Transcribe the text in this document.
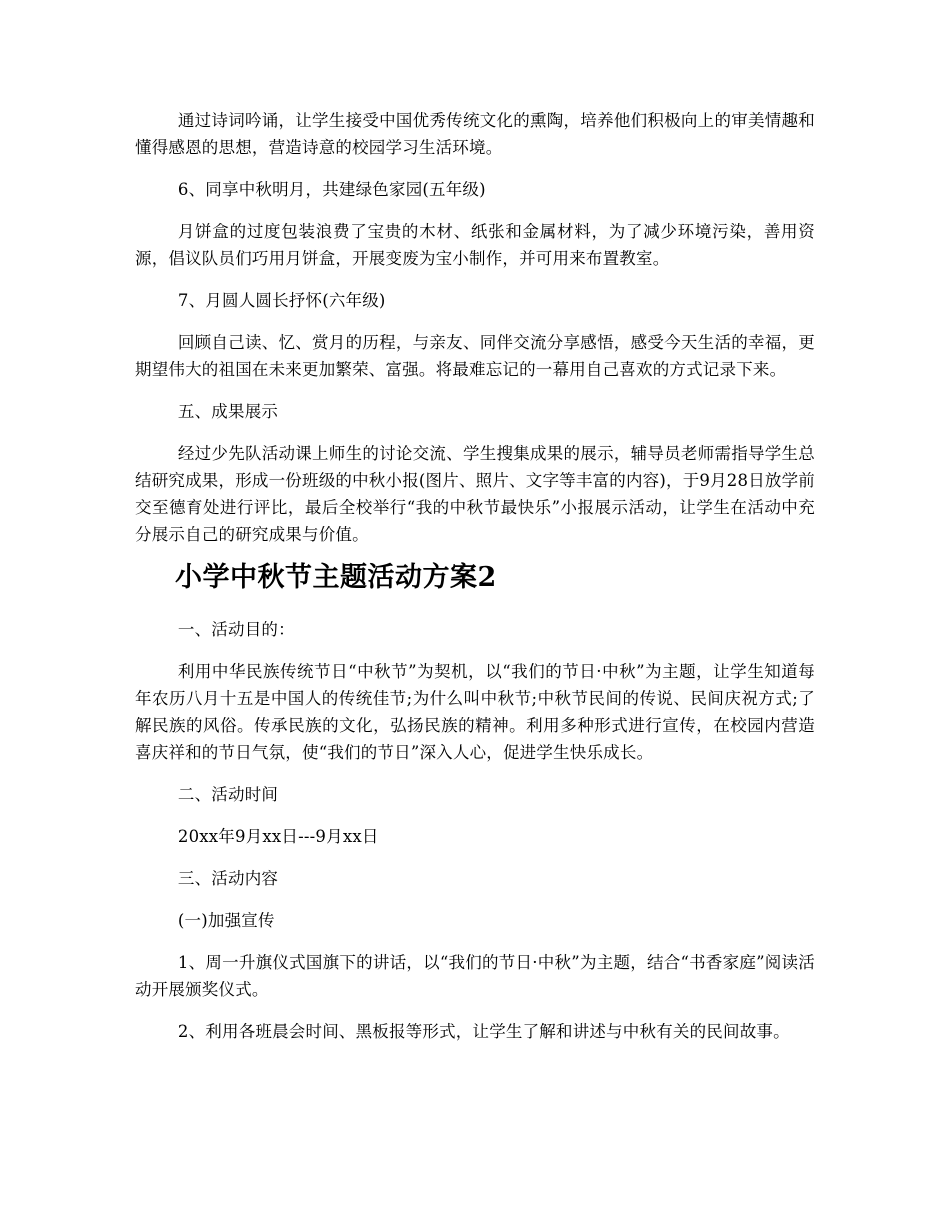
通过诗词吟诵，让学生接受中国优秀传统文化的熏陶，培养他们积极向上的审美情趣和懂得感恩的思想，营造诗意的校园学习生活环境。

6、同享中秋明月，共建绿色家园(五年级)

月饼盒的过度包装浪费了宝贵的木材、纸张和金属材料，为了减少环境污染，善用资源，倡议队员们巧用月饼盒，开展变废为宝小制作，并可用来布置教室。

7、月圆人圆长抒怀(六年级)

回顾自己读、忆、赏月的历程，与亲友、同伴交流分享感悟，感受今天生活的幸福，更期望伟大的祖国在未来更加繁荣、富强。将最难忘记的一幕用自己喜欢的方式记录下来。

五、成果展示

经过少先队活动课上师生的讨论交流、学生搜集成果的展示，辅导员老师需指导学生总结研究成果，形成一份班级的中秋小报(图片、照片、文字等丰富的内容)，于9月28日放学前交至德育处进行评比，最后全校举行“我的中秋节最快乐”小报展示活动，让学生在活动中充分展示自己的研究成果与价值。

小学中秋节主题活动方案2

一、活动目的：

利用中华民族传统节日“中秋节”为契机，以“我们的节日·中秋”为主题，让学生知道每年农历八月十五是中国人的传统佳节;为什么叫中秋节;中秋节民间的传说、民间庆祝方式;了解民族的风俗。传承民族的文化，弘扬民族的精神。利用多种形式进行宣传，在校园内营造喜庆祥和的节日气氛，使“我们的节日”深入人心，促进学生快乐成长。

二、活动时间

20xx年9月xx日---9月xx日

三、活动内容

(一)加强宣传

1、周一升旗仪式国旗下的讲话，以“我们的节日·中秋”为主题，结合“书香家庭”阅读活动开展颁奖仪式。

2、利用各班晨会时间、黑板报等形式，让学生了解和讲述与中秋有关的民间故事。
